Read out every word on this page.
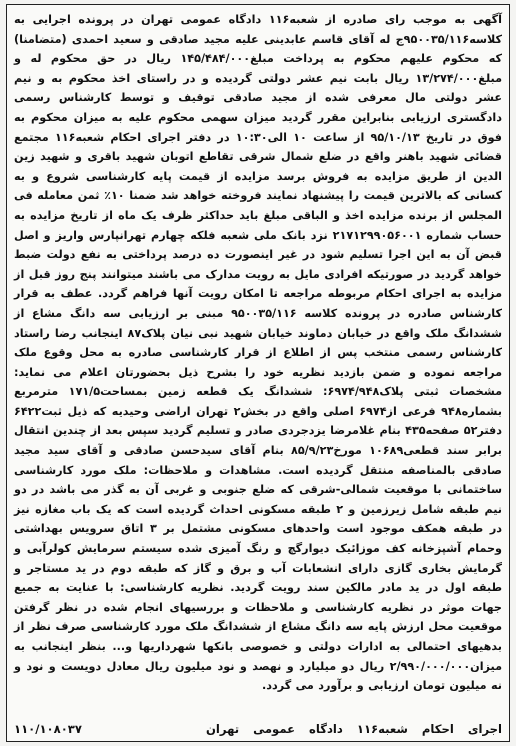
آگهی به موجب رای صادره از شعبه۱۱۶ دادگاه عمومی تهران در پرونده اجرایی به کلاسه۹۵۰۰۳۵/۱۱۶ج له آقای قاسم عابدینی علیه مجید صادقی و سعید احمدی (متضامنا) که محکوم علیهم محکوم به پرداخت مبلغ۱۴۵/۴۸۴/۰۰۰ ریال در حق محکوم له و مبلغ۱۳/۲۷۴/۰۰۰ ریال بابت نیم عشر دولتی گردیده و در راستای اخذ محکوم به و نیم عشر دولتی مال معرفی شده از مجید صادقی توقیف و توسط کارشناس رسمی دادگستری ارزیابی بنابراین مقرر گردید میزان سهمی محکوم علیه به میزان محکوم به فوق در تاریخ ۹۵/۱۰/۱۳ از ساعت ۱۰ الی۱۰:۳۰ در دفتر اجرای احکام شعبه۱۱۶ مجتمع قضائی شهید باهنر واقع در ضلع شمال شرقی تقاطع اتوبان شهید باقری و شهید زین الدین از طریق مزایده به فروش برسد مزایده از قیمت پایه کارشناسی شروع و به کسانی که بالاترین قیمت را پیشنهاد نمایند فروخته خواهد شد ضمنا ۱۰٪ ثمن معامله فی المجلس از برنده مزایده اخذ و الباقی مبلغ باید حداکثر ظرف یک ماه از تاریخ مزایده به حساب شماره ۲۱۷۱۲۹۹۰۵۶۰۰۱ نزد بانک ملی شعبه فلکه چهارم تهرانپارس واریز و اصل قبض آن به این اجرا تسلیم شود در غیر اینصورت ده درصد پرداختی به نفع دولت ضبط خواهد گردید در صورتیکه افرادی مایل به رویت مدارک می باشند میتوانند پنج روز قبل از مزایده به اجرای احکام مربوطه مراجعه تا امکان رویت آنها فراهم گردد. عطف به قرار کارشناس صادره در پرونده کلاسه ۹۵۰۰۳۵/۱۱۶ مبنی بر ارزیابی سه دانگ مشاع از ششدانگ ملک واقع در خیابان دماوند خیابان شهید نبی نیان پلاک۸۷ اینجانب رضا راستاد کارشناس رسمی منتخب پس از اطلاع از قرار کارشناسی صادره به محل وقوع ملک مراجعه نموده و ضمن بازدید نظریه خود را بشرح ذیل بحضورتان اعلام می نماید: مشخصات ثبتی پلاک۶۹۷۴/۹۴۸: ششدانگ یک قطعه زمین بمساحت۱۷۱/۵ مترمربع بشماره۹۴۸ فرعی از۶۹۷۴ اصلی واقع در بخش۲ تهران اراضی وحیدیه که ذیل ثبت۶۴۲۲ دفتر۵۲ صفحه۴۳۵ بنام غلامرضا یزدجردی صادر و تسلیم گردید سپس بعد از چندین انتقال برابر سند قطعی۱۰۶۸۹ مورخ۸۵/۹/۲۳ بنام آقای سیدحسن صادقی و آقای سید مجید صادقی بالمناصفه منتقل گردیده است. مشاهدات و ملاحظات: ملک مورد کارشناسی ساختمانی با موقعیت شمالی-شرقی که ضلع جنوبی و غربی آن به گذر می باشد در دو نیم طبقه شامل زیرزمین و ۲ طبقه مسکونی احداث گردیده است که یک باب مغازه نیز در طبقه همکف موجود است واحدهای مسکونی مشتمل بر ۳ اتاق سرویس بهداشتی وحمام آشپزخانه کف موزائیک دیوارگچ و رنگ آمیزی شده سیستم سرمایش کولرآبی و گرمایش بخاری گازی دارای انشعابات آب و برق و گاز که طبقه دوم در ید مستاجر و طبقه اول در ید مادر مالکین سند رویت گردید. نظریه کارشناسی: با عنایت به جمیع جهات موثر در نظریه کارشناسی و ملاحظات و بررسیهای انجام شده در نظر گرفتن موقعیت محل ارزش پایه سه دانگ مشاع از ششدانگ ملک مورد کارشناسی صرف نظر از بدهیهای احتمالی به ادارات دولتی و خصوصی بانکها شهرداریها و... بنظر اینجانب به میزان۲/۹۹۰/۰۰۰/۰۰۰ ریال دو میلیارد و نهصد و نود میلیون ریال معادل دویست و نود و نه میلیون تومان ارزیابی و برآورد می گردد.

اجرای احکام شعبه۱۱۶ دادگاه عمومی تهران
۱۱۰/۱۰۸۰۳۷
